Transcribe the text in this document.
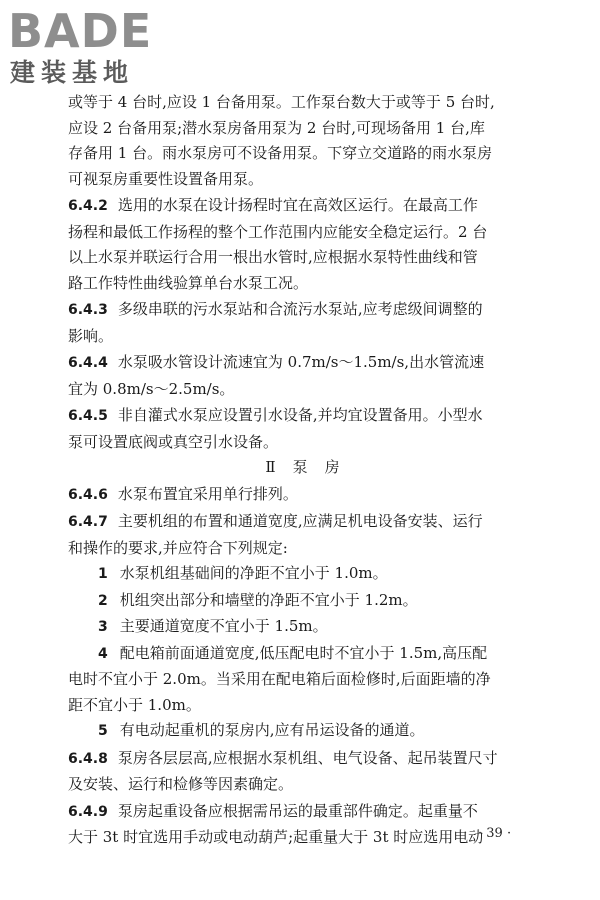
BADE
建装基地

或等于 4 台时,应设 1 台备用泵。工作泵台数大于或等于 5 台时,

应设 2 台备用泵;潜水泵房备用泵为 2 台时,可现场备用 1 台,库

存备用 1 台。雨水泵房可不设备用泵。下穿立交道路的雨水泵房

可视泵房重要性设置备用泵。

6.4.2 选用的水泵在设计扬程时宜在高效区运行。在最高工作

扬程和最低工作扬程的整个工作范围内应能安全稳定运行。2 台

以上水泵并联运行合用一根出水管时,应根据水泵特性曲线和管

路工作特性曲线验算单台水泵工况。

6.4.3 多级串联的污水泵站和合流污水泵站,应考虑级间调整的

影响。

6.4.4 水泵吸水管设计流速宜为 0.7m/s～1.5m/s,出水管流速

宜为 0.8m/s～2.5m/s。

6.4.5 非自灌式水泵应设置引水设备,并均宜设置备用。小型水

泵可设置底阀或真空引水设备。

Ⅱ 泵 房

6.4.6 水泵布置宜采用单行排列。

6.4.7 主要机组的布置和通道宽度,应满足机电设备安装、运行

和操作的要求,并应符合下列规定:

1 水泵机组基础间的净距不宜小于 1.0m。

2 机组突出部分和墙壁的净距不宜小于 1.2m。

3 主要通道宽度不宜小于 1.5m。

4 配电箱前面通道宽度,低压配电时不宜小于 1.5m,高压配

电时不宜小于 2.0m。当采用在配电箱后面检修时,后面距墙的净

距不宜小于 1.0m。

5 有电动起重机的泵房内,应有吊运设备的通道。

6.4.8 泵房各层层高,应根据水泵机组、电气设备、起吊装置尺寸

及安装、运行和检修等因素确定。

6.4.9 泵房起重设备应根据需吊运的最重部件确定。起重量不

大于 3t 时宜选用手动或电动葫芦;起重量大于 3t 时应选用电动

· 39 ·
